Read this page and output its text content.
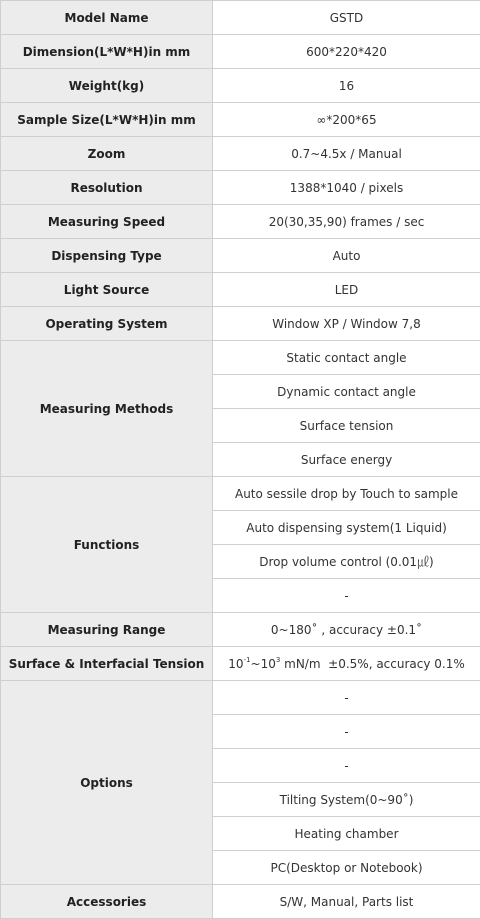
Model Name	GSTD
Dimension(L*W*H)in mm	600*220*420
Weight(kg)	16
Sample Size(L*W*H)in mm	∞*200*65
Zoom	0.7~4.5x / Manual
Resolution	1388*1040 / pixels
Measuring Speed	20(30,35,90) frames / sec
Dispensing Type	Auto
Light Source	LED
Operating System	Window XP / Window 7,8
Measuring Methods	Static contact angle
	Dynamic contact angle
	Surface tension
	Surface energy
Functions	Auto sessile drop by Touch to sample
	Auto dispensing system(1 Liquid)
	Drop volume control (0.01㎕)
	-
Measuring Range	0~180˚ , accuracy ±0.1˚
Surface & Interfacial Tension	$10^{-1}\sim 10^3$ mN/m  ±0.5%, accuracy 0.1%
Options	-
	-
	-
	Tilting System(0~90˚)
	Heating chamber
	PC(Desktop or Notebook)
Accessories	S/W, Manual, Parts list
